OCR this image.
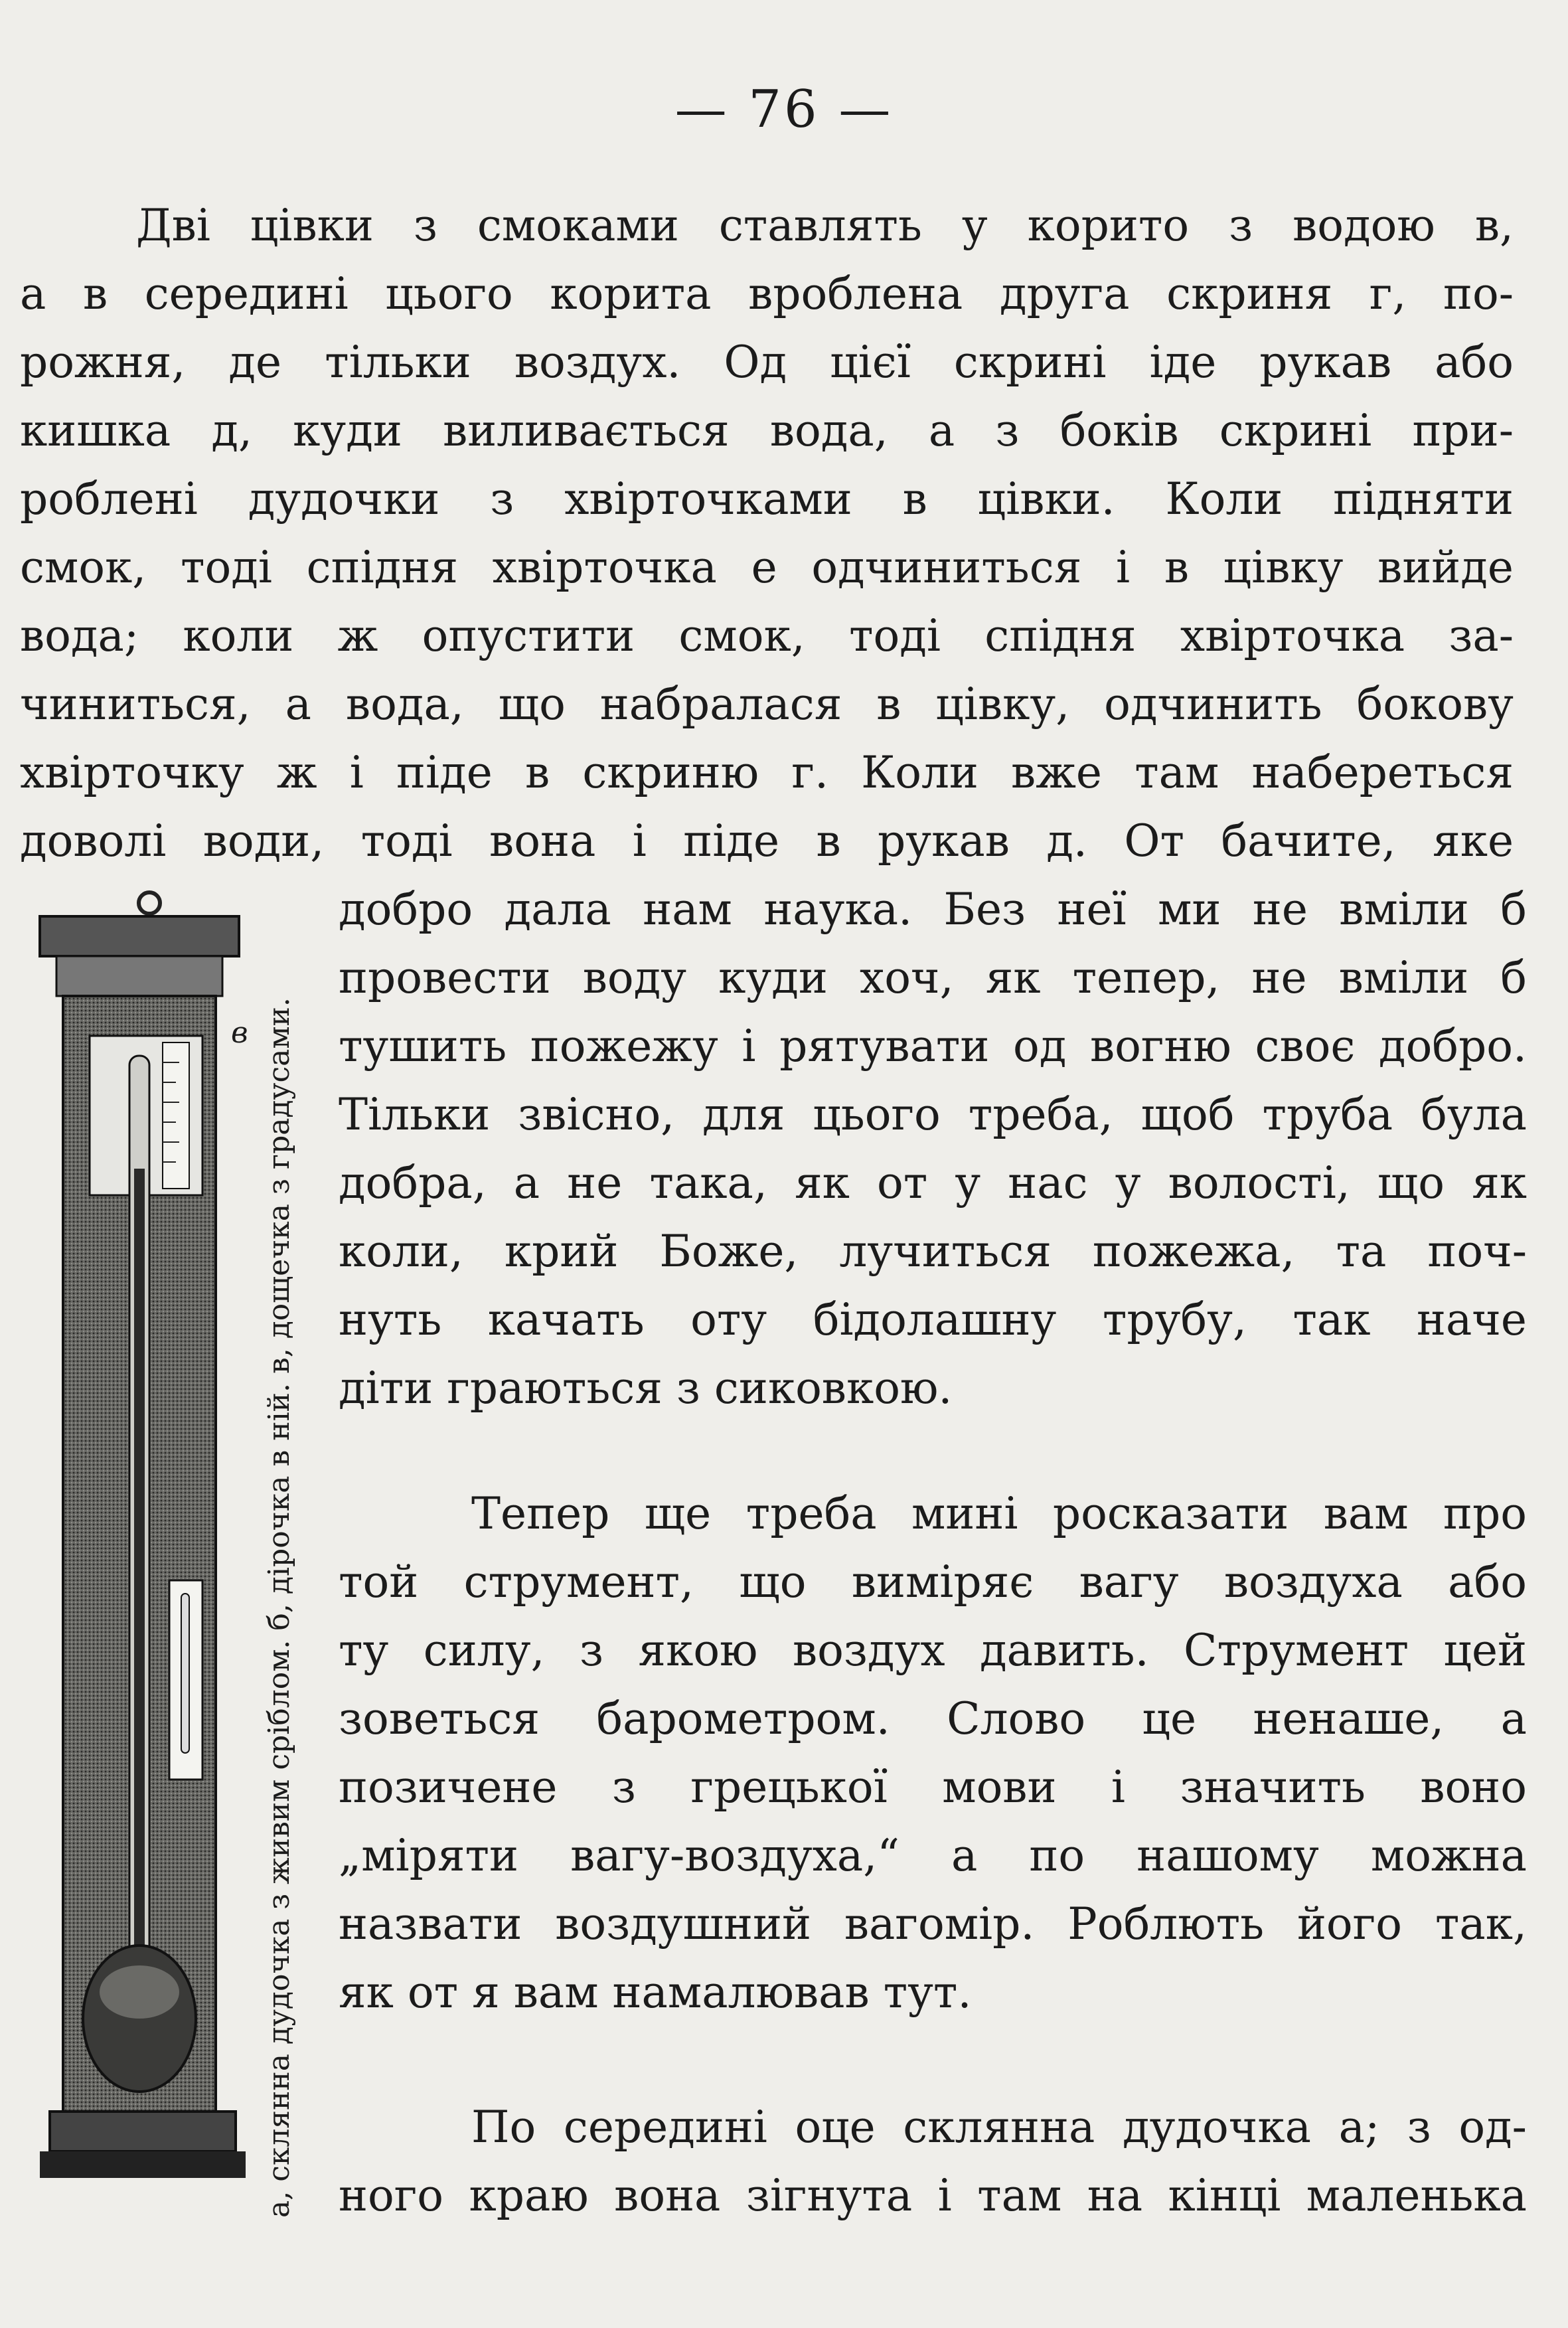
— 76 —
Дві цівки з смоками ставлять у корито з водою в,
а в середині цього корита вроблена друга скриня г, по-
рожня, де тільки воздух. Од цієї скрині іде рукав або
кишка д, куди виливається вода, а з боків скрині при-
роблені дудочки з хвірточками в цівки. Коли підняти
смок, тоді спідня хвірточка е одчиниться і в цівку вийде
вода; коли ж опустити смок, тоді спідня хвірточка за-
чиниться, а вода, що набралася в цівку, одчинить бокову
хвірточку ж і піде в скриню г. Коли вже там набереться
доволі води, тоді вона і піде в рукав д. От бачите, яке
добро дала нам наука. Без неї ми не вміли б
провести воду куди хоч, як тепер, не вміли б
тушить пожежу і рятувати од вогню своє добро.
Тільки звісно, для цього треба, щоб труба була
добра, а не така, як от у нас у волості, що як
коли, крий Боже, лучиться пожежа, та поч-
нуть качать оту бідолашну трубу, так наче
діти граються з сиковкою.
Тепер ще треба мині росказати вам про
той струмент, що виміряє вагу воздуха або
ту силу, з якою воздух давить. Струмент цей
зоветься барометром. Слово це ненаше, а
позичене з грецької мови і значить воно
„міряти вагу-воздуха,“ а по нашому можна
назвати воздушний вагомір. Роблють його так,
як от я вам намалював тут.
По середині оце склянна дудочка а; з од-
ного краю вона зігнута і там на кінці маленька
в а, склянна дудочка з живим сріблом. б, дірочка в ній. в, дощечка з градусами.
